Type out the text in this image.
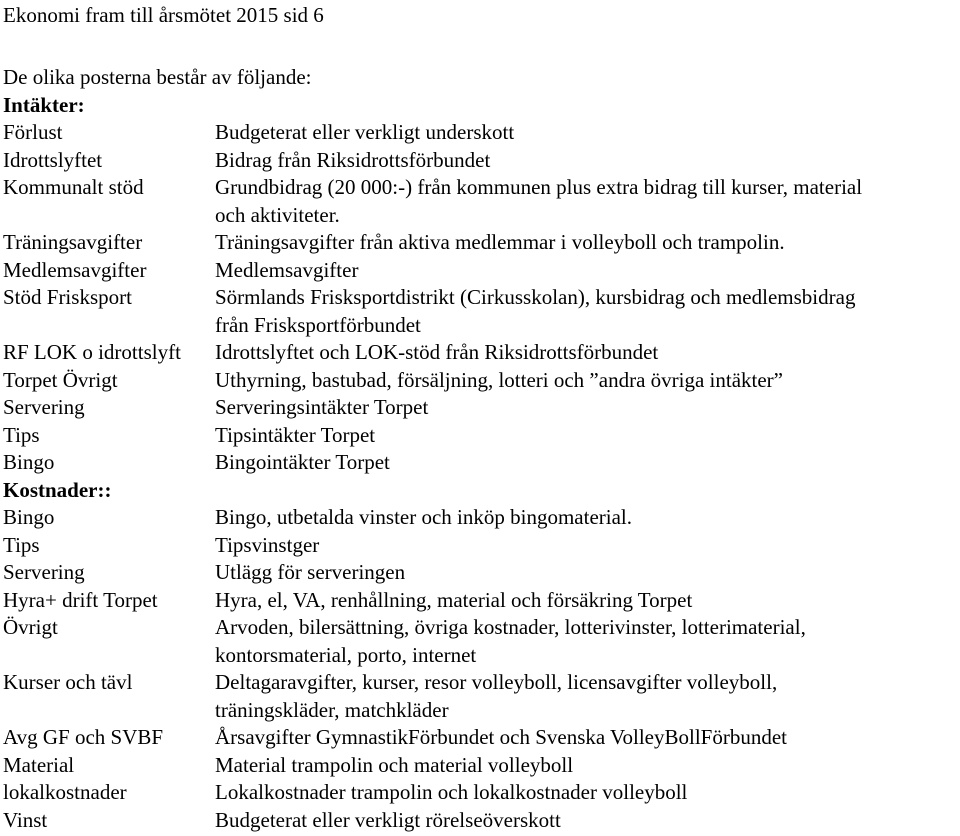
Ekonomi fram till årsmötet 2015 sid 6
De olika posterna består av följande:
Intäkter:
Förlust	Budgeterat eller verkligt underskott
Idrottslyftet	Bidrag från Riksidrottsförbundet
Kommunalt stöd	Grundbidrag (20 000:-) från kommunen plus extra bidrag till kurser, material
och aktiviteter.
Träningsavgifter	Träningsavgifter från aktiva medlemmar i volleyboll och trampolin.
Medlemsavgifter	Medlemsavgifter
Stöd Frisksport	Sörmlands Frisksportdistrikt (Cirkusskolan), kursbidrag och medlemsbidrag
från Frisksportförbundet
RF LOK o idrottslyft	Idrottslyftet och LOK-stöd från Riksidrottsförbundet
Torpet Övrigt	Uthyrning, bastubad, försäljning, lotteri och ”andra övriga intäkter”
Servering	Serveringsintäkter Torpet
Tips	Tipsintäkter Torpet
Bingo	Bingointäkter Torpet
Kostnader::
Bingo	Bingo, utbetalda vinster och inköp bingomaterial.
Tips	Tipsvinstger
Servering	Utlägg för serveringen
Hyra+ drift Torpet	Hyra, el, VA, renhållning, material och försäkring Torpet
Övrigt	Arvoden, bilersättning, övriga kostnader, lotterivinster, lotterimaterial,
kontorsmaterial, porto, internet
Kurser och tävl	Deltagaravgifter, kurser, resor volleyboll, licensavgifter volleyboll,
träningskläder, matchkläder
Avg GF och SVBF	Årsavgifter GymnastikFörbundet och Svenska VolleyBollFörbundet
Material	Material trampolin och material volleyboll
lokalkostnader	Lokalkostnader trampolin och lokalkostnader volleyboll
Vinst	Budgeterat eller verkligt rörelseöverskott
